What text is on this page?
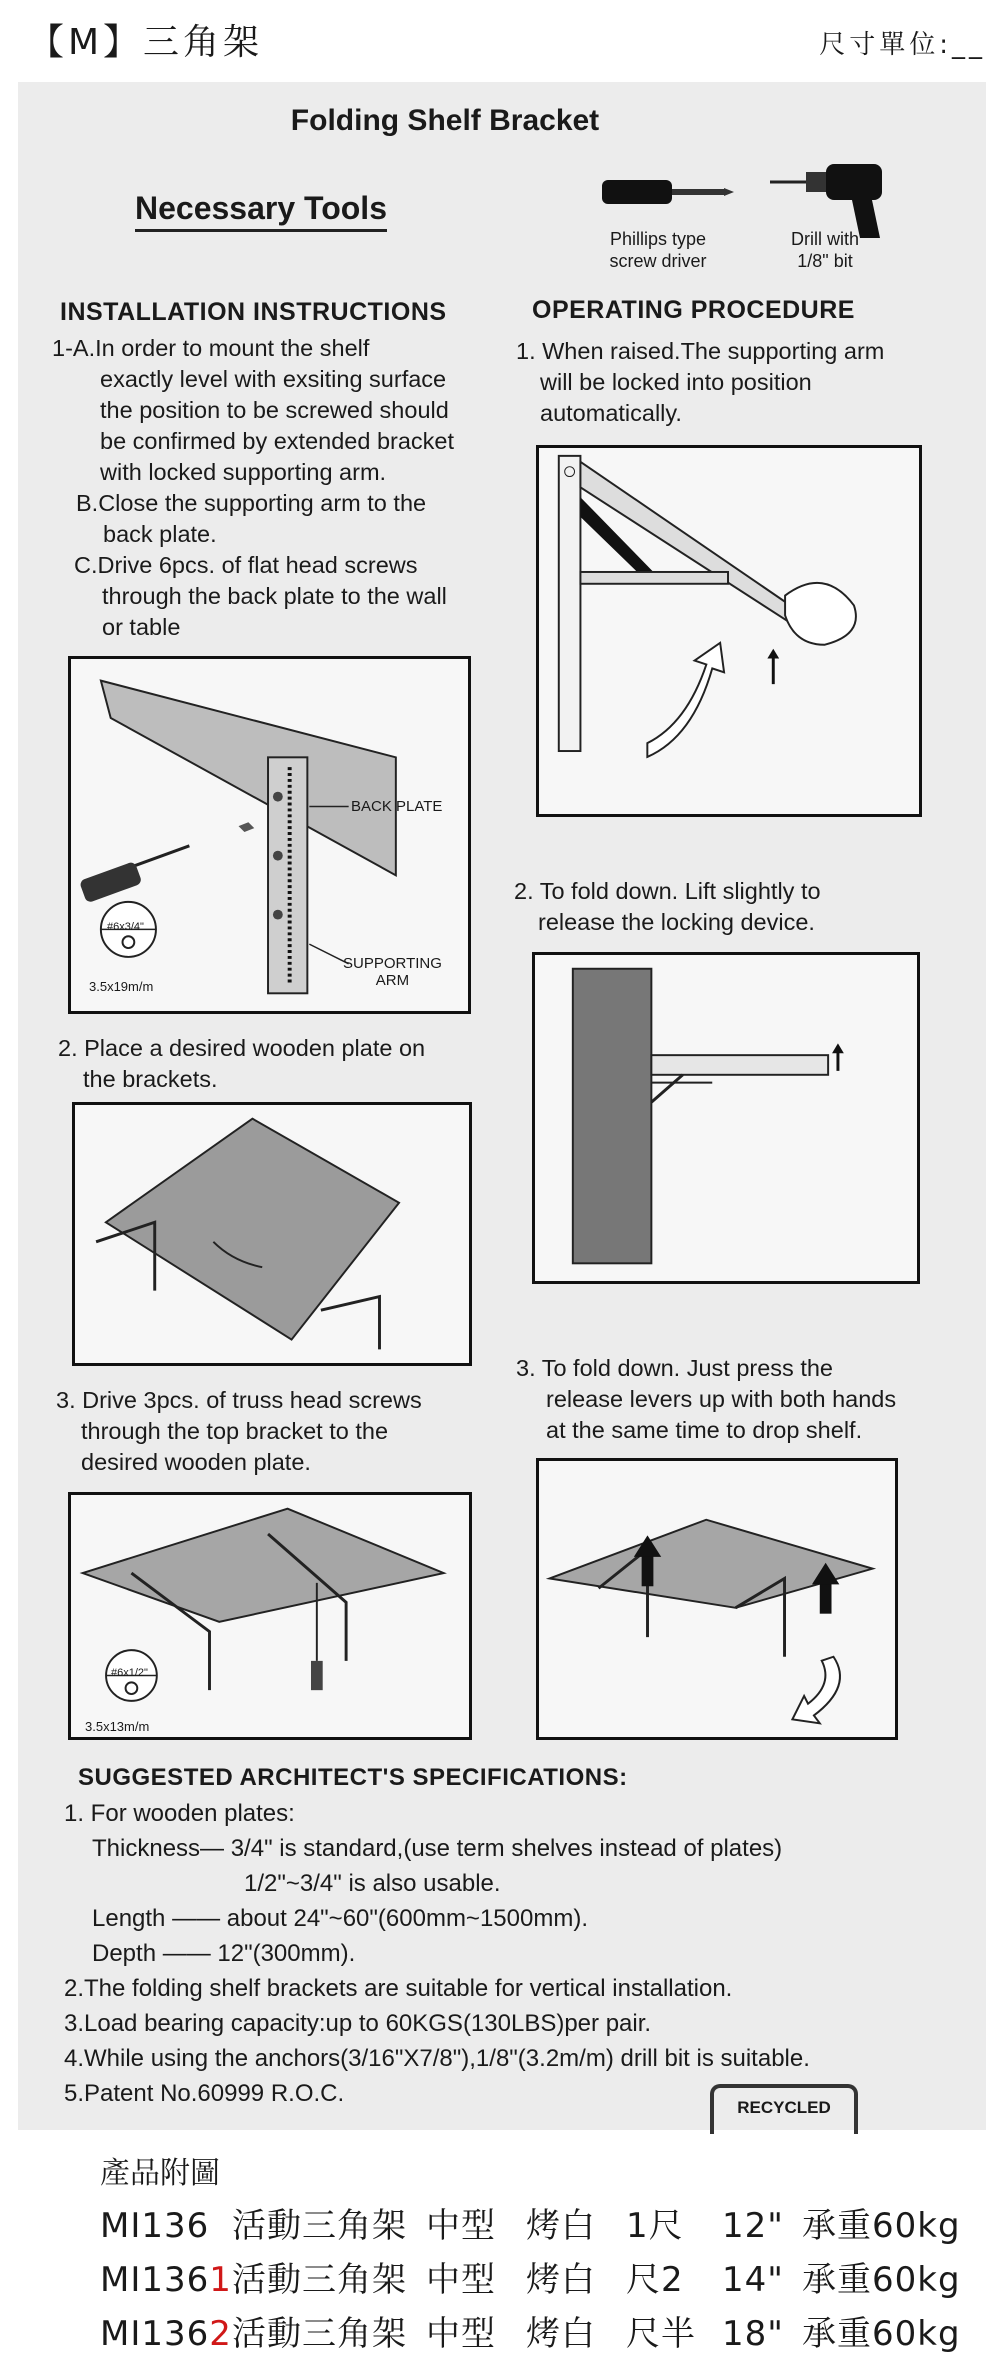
【M】三角架	尺寸單位:__
Folding Shelf Bracket
Necessary Tools
Phillips type
screw driver
Drill with
1/8" bit
INSTALLATION INSTRUCTIONS
1-A.In order to mount the shelf
exactly level with exsiting surface
the position to be screwed should
be confirmed by extended bracket
with locked supporting arm.
B.Close the supporting arm to the
back plate.
C.Drive 6pcs. of flat head screws
through the back plate to the wall
or table
BACK PLATE
SUPPORTING
ARM
#6x3/4"
3.5x19m/m
2. Place a desired wooden plate on
the brackets.
3. Drive 3pcs. of truss head screws
through the top bracket to the
desired wooden plate.
#6x1/2"
3.5x13m/m
OPERATING PROCEDURE
1. When raised.The supporting arm
will be locked into position
automatically.
2. To fold down. Lift slightly to
release the locking device.
3. To fold down. Just press the
release levers up with both hands
at the same time to drop shelf.
SUGGESTED ARCHITECT'S SPECIFICATIONS:
1. For wooden plates:
Thickness— 3/4" is standard,(use term shelves instead of plates)
1/2"~3/4" is also usable.
Length —— about 24"~60"(600mm~1500mm).
Depth —— 12"(300mm).
2.The folding shelf brackets are suitable for vertical installation.
3.Load bearing capacity:up to 60KGS(130LBS)per pair.
4.While using the anchors(3/16"X7/8"),1/8"(3.2m/m) drill bit is suitable.
5.Patent No.60999 R.O.C.
RECYCLED
產品附圖
MI136 活動三角架 中型 烤白 1尺 12" 承重60kg
MI1361活動三角架 中型 烤白 尺2 14" 承重60kg
MI1362活動三角架 中型 烤白 尺半 18" 承重60kg
